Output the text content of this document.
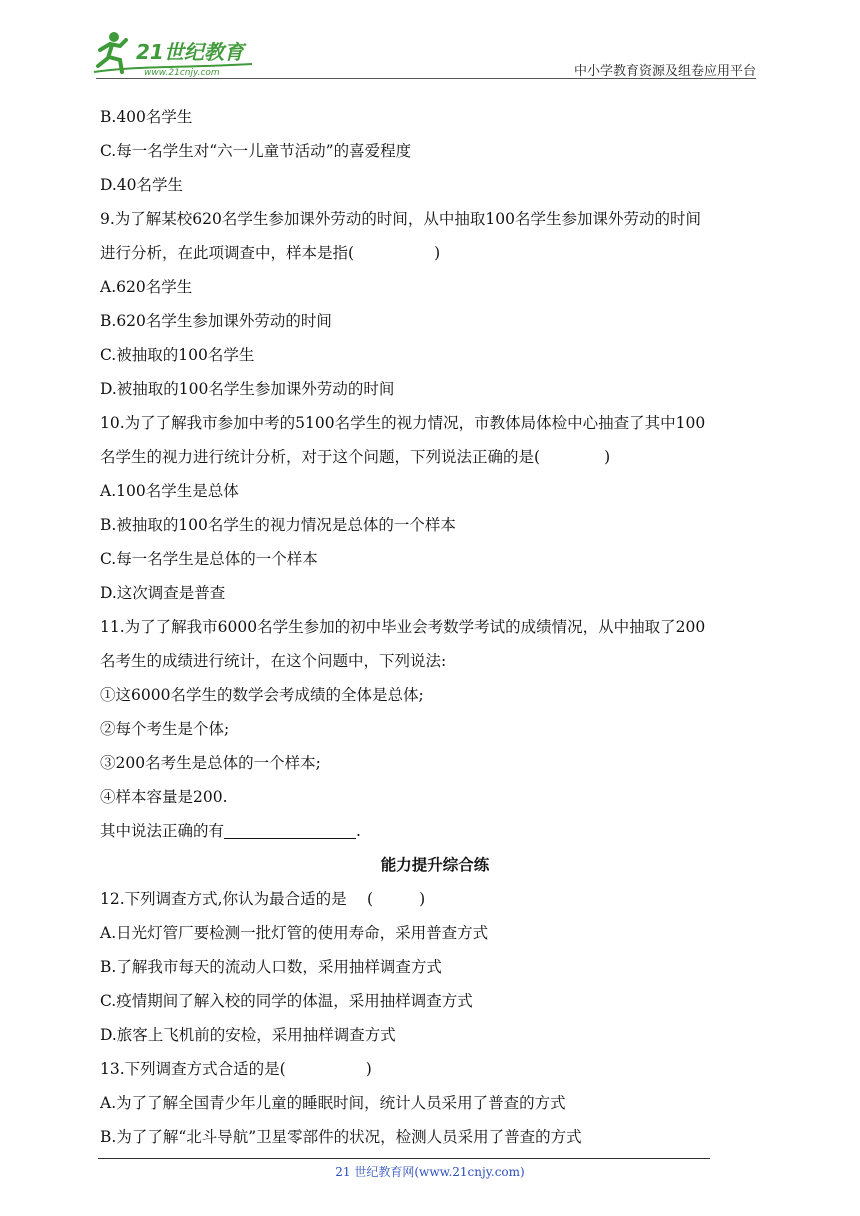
21世纪教育
www.21cnjy.com	中小学教育资源及组卷应用平台
B.400名学生
C.每一名学生对“六一儿童节活动”的喜爱程度
D.40名学生
9.为了解某校620名学生参加课外劳动的时间，从中抽取100名学生参加课外劳动的时间
进行分析，在此项调查中，样本是指(	)
A.620名学生
B.620名学生参加课外劳动的时间
C.被抽取的100名学生
D.被抽取的100名学生参加课外劳动的时间
10.为了了解我市参加中考的5100名学生的视力情况，市教体局体检中心抽查了其中100
名学生的视力进行统计分析，对于这个问题，下列说法正确的是(	)
A.100名学生是总体
B.被抽取的100名学生的视力情况是总体的一个样本
C.每一名学生是总体的一个样本
D.这次调查是普查
11.为了了解我市6000名学生参加的初中毕业会考数学考试的成绩情况，从中抽取了200
名考生的成绩进行统计，在这个问题中，下列说法:
①这6000名学生的数学会考成绩的全体是总体;
②每个考生是个体;
③200名考生是总体的一个样本;
④样本容量是200.
其中说法正确的有	.
能力提升综合练
12.下列调查方式,你认为最合适的是　 (	)
A.日光灯管厂要检测一批灯管的使用寿命，采用普查方式
B.了解我市每天的流动人口数，采用抽样调查方式
C.疫情期间了解入校的同学的体温，采用抽样调查方式
D.旅客上飞机前的安检，采用抽样调查方式
13.下列调查方式合适的是(	)
A.为了了解全国青少年儿童的睡眠时间，统计人员采用了普查的方式
B.为了了解“北斗导航”卫星零部件的状况，检测人员采用了普查的方式
21 世纪教育网(www.21cnjy.com)
